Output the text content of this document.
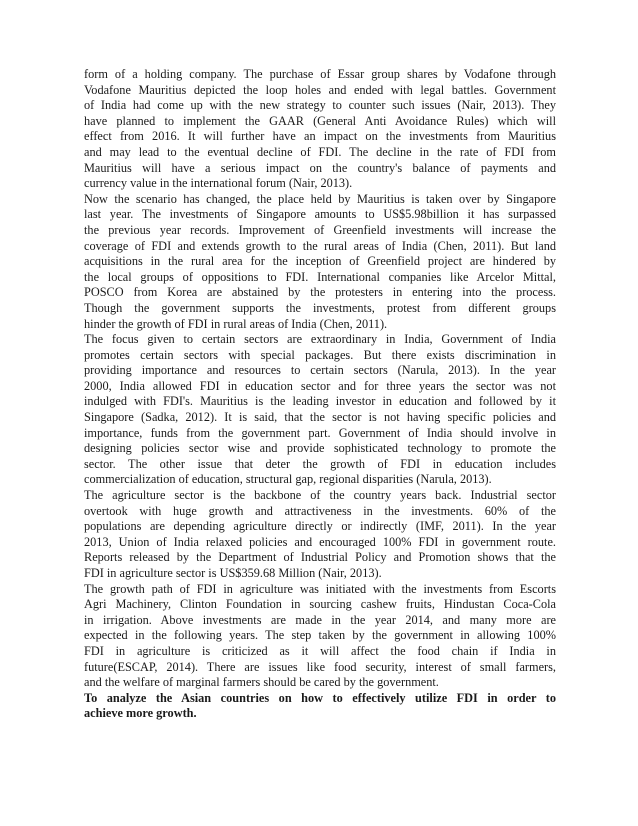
form of a holding company. The purchase of Essar group shares by Vodafone through
Vodafone Mauritius depicted the loop holes and ended with legal battles. Government
of India had come up with the new strategy to counter such issues (Nair, 2013). They
have planned to implement the GAAR (General Anti Avoidance Rules) which will
effect from 2016. It will further have an impact on the investments from Mauritius
and may lead to the eventual decline of FDI. The decline in the rate of FDI from
Mauritius will have a serious impact on the country's balance of payments and
currency value in the international forum (Nair, 2013).
Now the scenario has changed, the place held by Mauritius is taken over by Singapore
last year. The investments of Singapore amounts to US$5.98billion it has surpassed
the previous year records. Improvement of Greenfield investments will increase the
coverage of FDI and extends growth to the rural areas of India (Chen, 2011). But land
acquisitions in the rural area for the inception of Greenfield project are hindered by
the local groups of oppositions to FDI. International companies like Arcelor Mittal,
POSCO from Korea are abstained by the protesters in entering into the process.
Though the government supports the investments, protest from different groups
hinder the growth of FDI in rural areas of India (Chen, 2011).
The focus given to certain sectors are extraordinary in India, Government of India
promotes certain sectors with special packages. But there exists discrimination in
providing importance and resources to certain sectors (Narula, 2013). In the year
2000, India allowed FDI in education sector and for three years the sector was not
indulged with FDI's. Mauritius is the leading investor in education and followed by it
Singapore (Sadka, 2012). It is said, that the sector is not having specific policies and
importance, funds from the government part. Government of India should involve in
designing policies sector wise and provide sophisticated technology to promote the
sector. The other issue that deter the growth of FDI in education includes
commercialization of education, structural gap, regional disparities (Narula, 2013).
The agriculture sector is the backbone of the country years back. Industrial sector
overtook with huge growth and attractiveness in the investments. 60% of the
populations are depending agriculture directly or indirectly (IMF, 2011). In the year
2013, Union of India relaxed policies and encouraged 100% FDI in government route.
Reports released by the Department of Industrial Policy and Promotion shows that the
FDI in agriculture sector is US$359.68 Million (Nair, 2013).
The growth path of FDI in agriculture was initiated with the investments from Escorts
Agri Machinery, Clinton Foundation in sourcing cashew fruits, Hindustan Coca-Cola
in irrigation. Above investments are made in the year 2014, and many more are
expected in the following years. The step taken by the government in allowing 100%
FDI in agriculture is criticized as it will affect the food chain if India in
future(ESCAP, 2014). There are issues like food security, interest of small farmers,
and the welfare of marginal farmers should be cared by the government.
To analyze the Asian countries on how to effectively utilize FDI in order to
achieve more growth.
